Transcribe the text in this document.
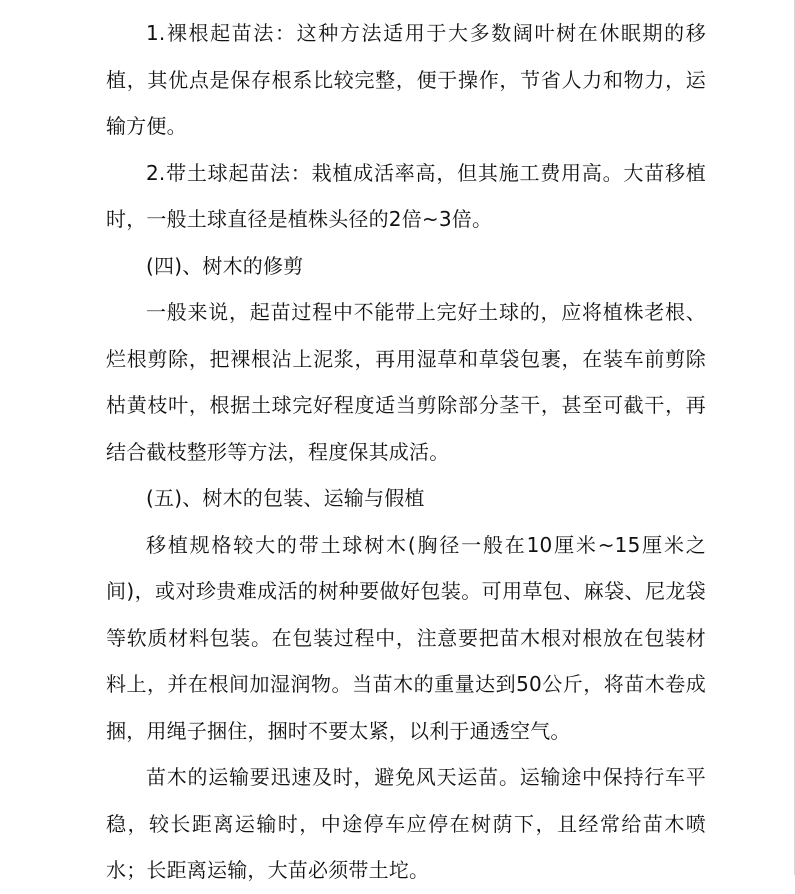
1.裸根起苗法：这种方法适用于大多数阔叶树在休眠期的移植，其优点是保存根系比较完整，便于操作，节省人力和物力，运输方便。

2.带土球起苗法：栽植成活率高，但其施工费用高。大苗移植时，一般土球直径是植株头径的2倍~3倍。

(四)、树木的修剪

一般来说，起苗过程中不能带上完好土球的，应将植株老根、烂根剪除，把裸根沾上泥浆，再用湿草和草袋包裹，在装车前剪除枯黄枝叶，根据土球完好程度适当剪除部分茎干，甚至可截干，再结合截枝整形等方法，程度保其成活。

(五)、树木的包装、运输与假植

移植规格较大的带土球树木(胸径一般在10厘米~15厘米之间)，或对珍贵难成活的树种要做好包装。可用草包、麻袋、尼龙袋等软质材料包装。在包装过程中，注意要把苗木根对根放在包装材料上，并在根间加湿润物。当苗木的重量达到50公斤，将苗木卷成捆，用绳子捆住，捆时不要太紧，以利于通透空气。

苗木的运输要迅速及时，避免风天运苗。运输途中保持行车平稳，较长距离运输时，中途停车应停在树荫下，且经常给苗木喷水；长距离运输，大苗必须带土坨。
